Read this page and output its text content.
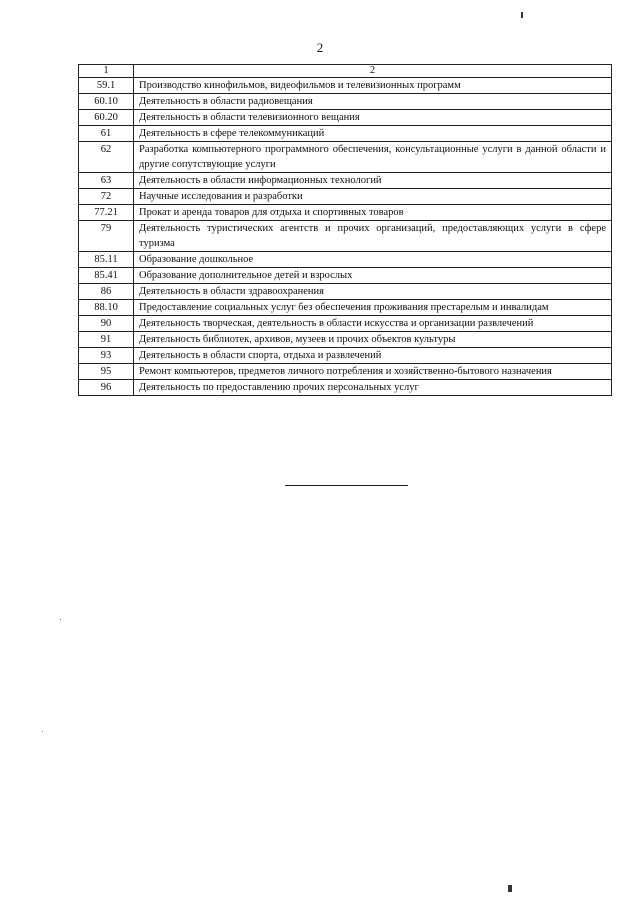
2
1	2
59.1	Производство кинофильмов, видеофильмов и телевизионных программ
60.10	Деятельность в области радиовещания
60.20	Деятельность в области телевизионного вещания
61	Деятельность в сфере телекоммуникаций
62	Разработка компьютерного программного обеспечения, консультационные услуги в данной области и другие сопутствующие услуги
63	Деятельность в области информационных технологий
72	Научные исследования и разработки
77.21	Прокат и аренда товаров для отдыха и спортивных товаров
79	Деятельность туристических агентств и прочих организаций, предоставляющих услуги в сфере туризма
85.11	Образование дошкольное
85.41	Образование дополнительное детей и взрослых
86	Деятельность в области здравоохранения
88.10	Предоставление социальных услуг без обеспечения проживания престарелым и инвалидам
90	Деятельность творческая, деятельность в области искусства и организации развлечений
91	Деятельность библиотек, архивов, музеев и прочих объектов культуры
93	Деятельность в области спорта, отдыха и развлечений
95	Ремонт компьютеров, предметов личного потребления и хозяйственно-бытового назначения
96	Деятельность по предоставлению прочих персональных услуг
